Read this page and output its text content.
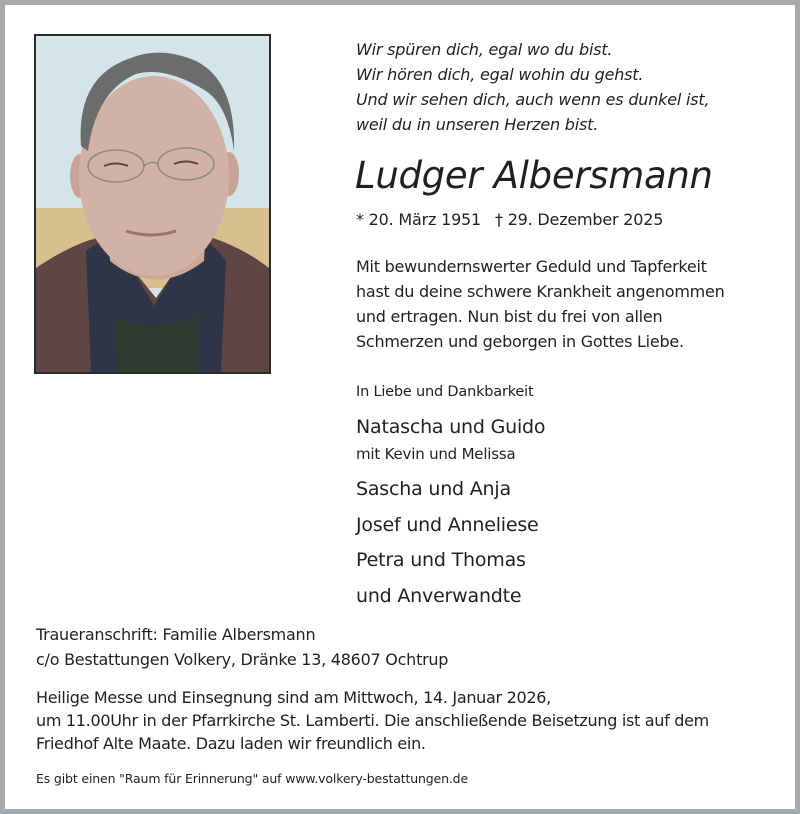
Wir spüren dich, egal wo du bist.
Wir hören dich, egal wohin du gehst.
Und wir sehen dich, auch wenn es dunkel ist,
weil du in unseren Herzen bist.
Ludger Albersmann
* 20. März 1951 † 29. Dezember 2025
Mit bewundernswerter Geduld und Tapferkeit
hast du deine schwere Krankheit angenommen
und ertragen. Nun bist du frei von allen
Schmerzen und geborgen in Gottes Liebe.
In Liebe und Dankbarkeit
Natascha und Guido
mit Kevin und Melissa
Sascha und Anja
Josef und Anneliese
Petra und Thomas
und Anverwandte
Traueranschrift: Familie Albersmann
c/o Bestattungen Volkery, Dränke 13, 48607 Ochtrup
Heilige Messe und Einsegnung sind am Mittwoch, 14. Januar 2026,
um 11.00Uhr in der Pfarrkirche St. Lamberti. Die anschließende Beisetzung ist auf dem
Friedhof Alte Maate. Dazu laden wir freundlich ein.
Es gibt einen "Raum für Erinnerung" auf www.volkery-bestattungen.de
